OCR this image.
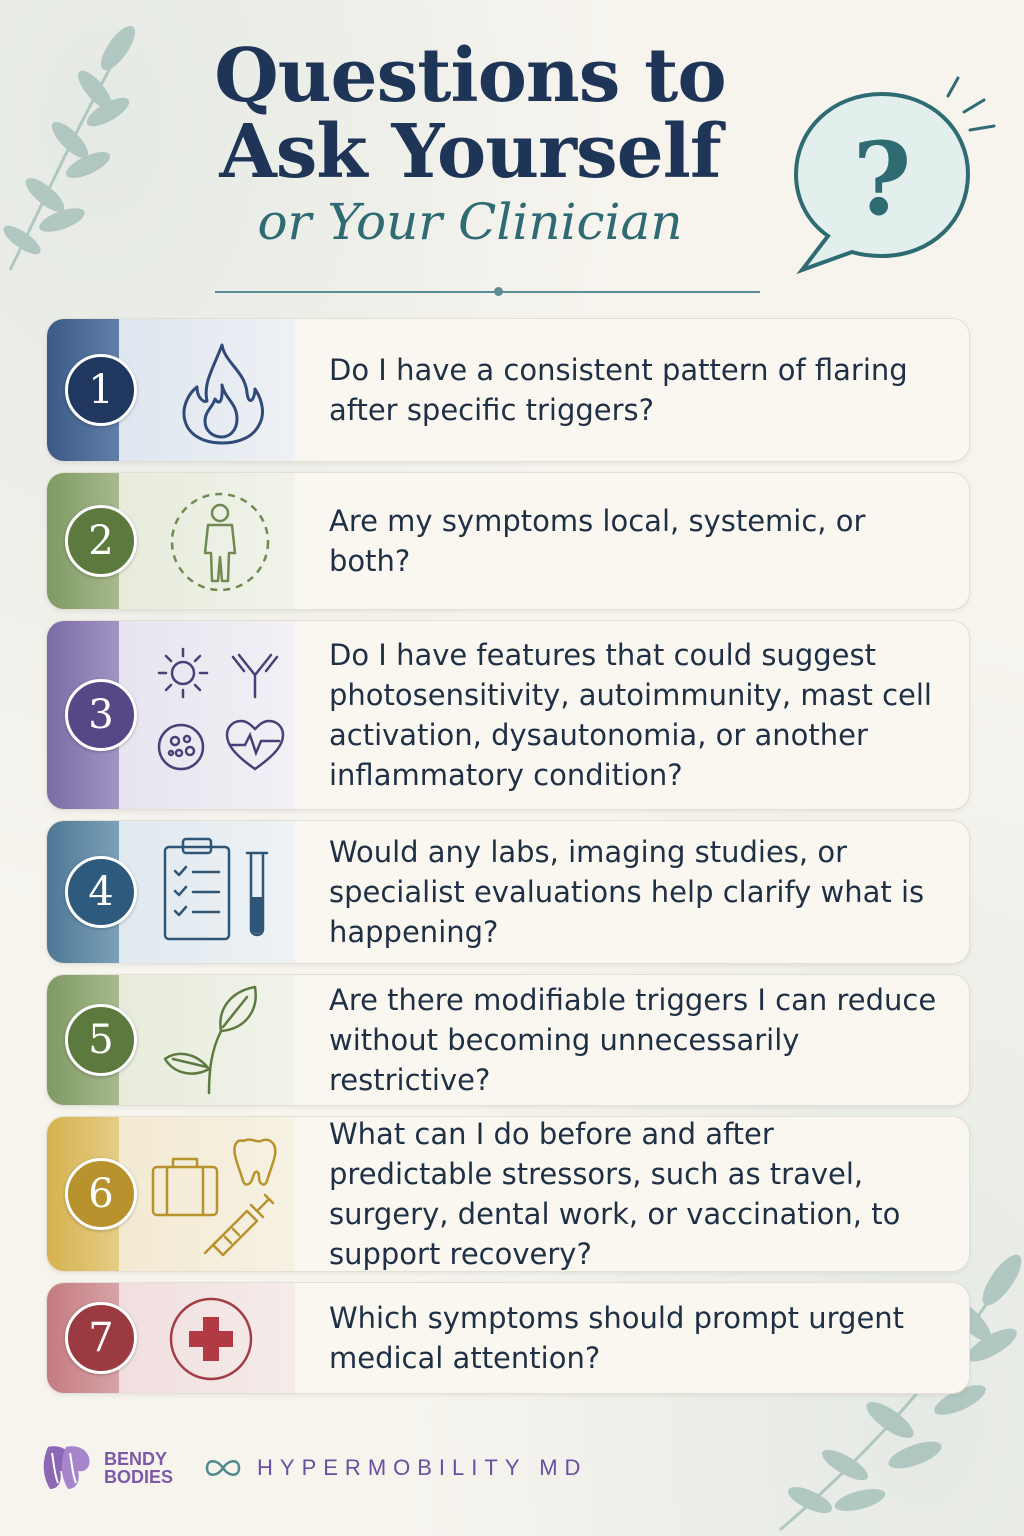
Questions to
Ask Yourself
or Your Clinician	?
1	Do I have a consistent pattern of flaring after specific triggers?
2	Are my symptoms local, systemic, or both?
3
Do I have features that could suggest photosensitivity, autoimmunity, mast cell activation, dysautonomia, or another inflammatory condition?
4
Would any labs, imaging studies, or specialist evaluations help clarify what is happening?
5
Are there modifiable triggers I can reduce without becoming unnecessarily restrictive?
6
What can I do before and after predictable stressors, such as travel, surgery, dental work, or vaccination, to support recovery?
7	Which symptoms should prompt urgent medical attention?
BENDY
BODIES	HYPERMOBILITY MD
